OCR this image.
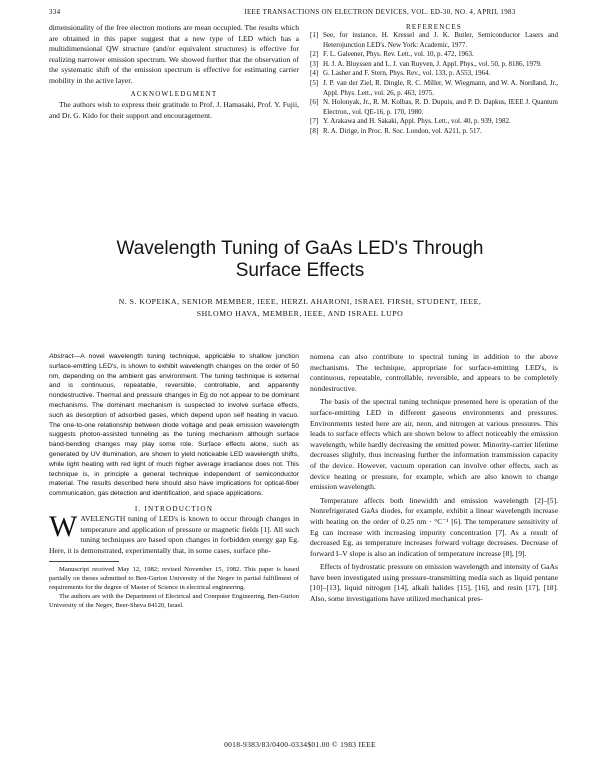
334	IEEE TRANSACTIONS ON ELECTRON DEVICES, VOL. ED-30, NO. 4, APRIL 1983

dimensionality of the free electron motions are mean occupied. The results which are obtained in this paper suggest that a new type of LED which has a multidimensional QW structure (and/or equivalent structures) is effective for realizing narrower emission spectrum. We showed further that the observation of the systematic shift of the emission spectrum is effective for estimating carrier mobility in the active layer.

ACKNOWLEDGMENT

The authors wish to express their gratitude to Prof. J. Hamasaki, Prof. Y. Fujii, and Dr. G. Kido for their support and encouragement.

REFERENCES
[1] See, for instance, H. Kressel and J. K. Butler, Semiconductor Lasers and Heterojunction LED's. New York: Academic, 1977.
[2] F. L. Galeener, Phys. Rev. Lett., vol. 10, p. 472, 1963.
[3] H. J. A. Bluyssen and L. J. van Ruyven, J. Appl. Phys., vol. 50, p. 8186, 1979.
[4] G. Lasher and F. Stern, Phys. Rev., vol. 133, p. A553, 1964.
[5] J. P. van der Ziel, R. Dingle, R. C. Miller, W. Wiegmann, and W. A. Nordland, Jr., Appl. Phys. Lett., vol. 26, p. 463, 1975.
[6] N. Holonyak, Jr., R. M. Kolbas, R. D. Dupuis, and P. D. Dapkus, IEEE J. Quantum Electron., vol. QE-16, p. 170, 1980.
[7] Y. Arakawa and H. Sakaki, Appl. Phys. Lett., vol. 40, p. 939, 1982.
[8] R. A. Dirige, in Proc. R. Soc. London, vol. A211, p. 517.
Wavelength Tuning of GaAs LED's Through
Surface Effects
N. S. KOPEIKA, SENIOR MEMBER, IEEE, HERZL AHARONI, ISRAEL FIRSH, STUDENT, IEEE,
SHLOMO HAVA, MEMBER, IEEE, AND ISRAEL LUPO
Abstract—A novel wavelength tuning technique, applicable to shallow junction surface-emitting LED's, is shown to exhibit wavelength changes on the order of 50 nm, depending on the ambient gas environment. The tuning technique is external and is continuous, repeatable, reversible, controllable, and apparently nondestructive. Thermal and pressure changes in Eg do not appear to be dominant mechanisms. The dominant mechanism is suspected to involve surface effects, such as desorption of adsorbed gases, which depend upon self heating in vacuo. The one-to-one relationship between diode voltage and peak emission wavelength suggests photon-assisted tunneling as the tuning mechanism although surface band-bending changes may play some role. Surface effects alone, such as generated by UV illumination, are shown to yield noticeable LED wavelength shifts, while light heating with red light of much higher average irradiance does not. This technique is, in principle a general technique independent of semiconductor material. The results described here should also have implications for optical-fiber communication, gas detection and identification, and space applications.
I. INTRODUCTION
WAVELENGTH tuning of LED's is known to occur through changes in temperature and application of pressure or magnetic fields [1]. All such tuning techniques are based upon changes in forbidden energy gap Eg. Here, it is demonstrated, experimentally that, in some cases, surface phe-
Manuscript received May 12, 1982; revised November 15, 1982. This paper is based partially on theses submitted to Ben-Gurion University of the Negev in partial fulfillment of requirements for the degree of Master of Science in electrical engineering.
The authors are with the Department of Electrical and Computer Engineering, Ben-Gurion University of the Negev, Beer-Sheva 84120, Israel.

nomena can also contribute to spectral tuning in addition to the above mechanisms. The technique, appropriate for surface-emitting LED's, is continuous, repeatable, controllable, reversible, and appears to be completely nondestructive.

The basis of the spectral tuning technique presented here is operation of the surface-emitting LED in different gaseous environments and pressures. Environments tested here are air, neon, and nitrogen at various pressures. This leads to surface effects which are shown below to affect noticeably the emission wavelength, while hardly decreasing the emitted power. Minority-carrier lifetime decreases slightly, thus increasing further the information transmission capacity of the device. However, vacuum operation can involve other effects, such as device heating or pressure, for example, which are also known to change emission wavelength.

Temperature affects both linewidth and emission wavelength [2]–[5]. Nonrefrigerated GaAs diodes, for example, exhibit a linear wavelength increase with heating on the order of 0.25 nm · °C⁻¹ [6]. The temperature sensitivity of Eg can increase with increasing impurity concentration [7]. As a result of decreased Eg, as temperature increases forward voltage decreases. Decrease of forward I–V slope is also an indication of temperature increase [8], [9].

Effects of hydrostatic pressure on emission wavelength and intensity of GaAs have been investigated using pressure-transmitting media such as liquid pentane [10]–[13], liquid nitrogen [14], alkali halides [15], [16], and resin [17], [18]. Also, some investigations have utilized mechanical pres-

0018-9383/83/0400-0334$01.00 © 1983 IEEE
